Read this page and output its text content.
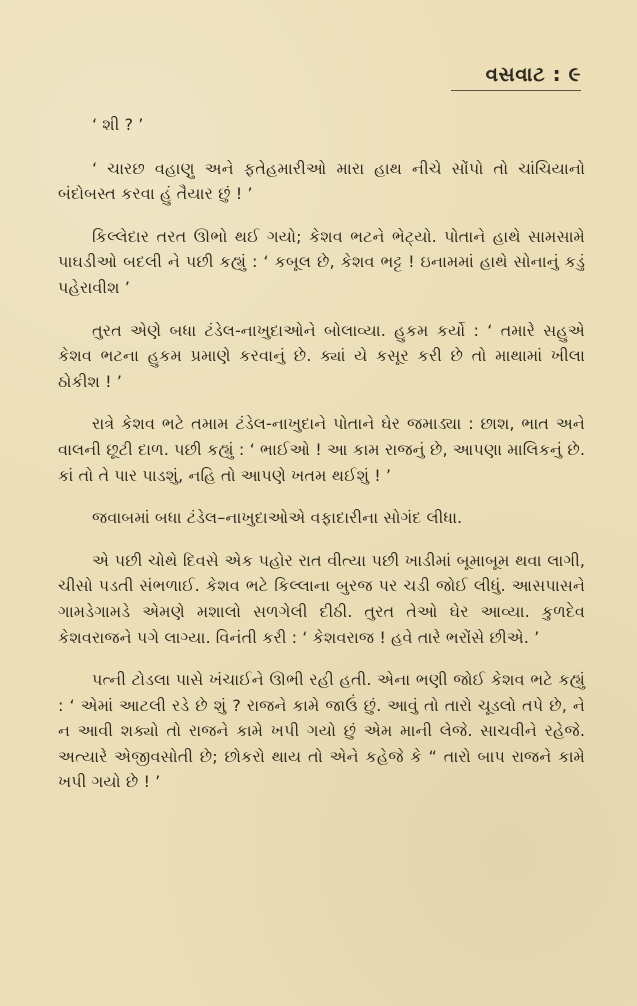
વસવાટ : ૯

‘ શી ? ’

‘ ચારછ વહાણુ અને ફતેહમારીઓ મારા હાથ નીચે સોંપો તો ચાંચિયાનો બંદોબસ્ત કરવા હું તૈયાર છું ! ’

કિલ્લેદાર તરત ઊભો થઈ ગયો; કેશવ ભટને ભેટ્યો. પોતાને હાથે સામસામે પાઘડીઓ બદલી ને પછી કહ્યું : ‘ કબૂલ છે, કેશવ ભટ્ટ ! ઇનામમાં હાથે સોનાનું કડું પહેરાવીશ ’

તુરત એણે બધા ટંડેલ-નાખુદાઓને બોલાવ્યા. હુકમ કર્યો : ‘ તમારે સહુએ કેશવ ભટના હુકમ પ્રમાણે કરવાનું છે. ક્યાં યે કસૂર કરી છે તો માથામાં ખીલા ઠોકીશ ! ’

રાત્રે કેશવ ભટે તમામ ટંડેલ-નાખુદાને પોતાને ઘેર જમાડ્યા : છાશ, ભાત અને વાલની છૂટી દાળ. પછી કહ્યું : ‘ ભાઈઓ ! આ કામ રાજનું છે, આપણા માલિકનું છે. કાં તો તે પાર પાડશું, નહિ તો આપણે ખતમ થઈશું ! ’

જવાબમાં બધા ટંડેલ–નાખુદાઓએ વફાદારીના સોગંદ લીધા.

એ પછી ચોથે દિવસે એક પહોર રાત વીત્યા પછી ખાડીમાં બૂમાબૂમ થવા લાગી, ચીસો પડતી સંભળાઈ. કેશવ ભટે કિલ્લાના બુરજ પર ચડી જોઈ લીધું. આસપાસને ગામડેગામડે એમણે મશાલો સળગેલી દીઠી. તુરત તેઓ ઘેર આવ્યા. કુળદેવ કેશવરાજને પગે લાગ્યા. વિનંતી કરી : ‘ કેશવરાજ ! હવે તારે ભરોંસે છીએ. ’

પત્ની ટોડલા પાસે ખંચાઈને ઊભી રહી હતી. એના ભણી જોઈ કેશવ ભટે કહ્યું : ‘ એમાં આટલી રડે છે શું ? રાજને કામે જાઉં છું. આવું તો તારો ચૂડલો તપે છે, ને ન આવી શક્યો તો રાજને કામે ખપી ગયો છું એમ માની લેજે. સાચવીને રહેજે. અત્યારે એજીવસોતી છે; છોકરો થાય તો એને કહેજે કે “ તારો બાપ રાજને કામે ખપી ગયો છે ! ’
